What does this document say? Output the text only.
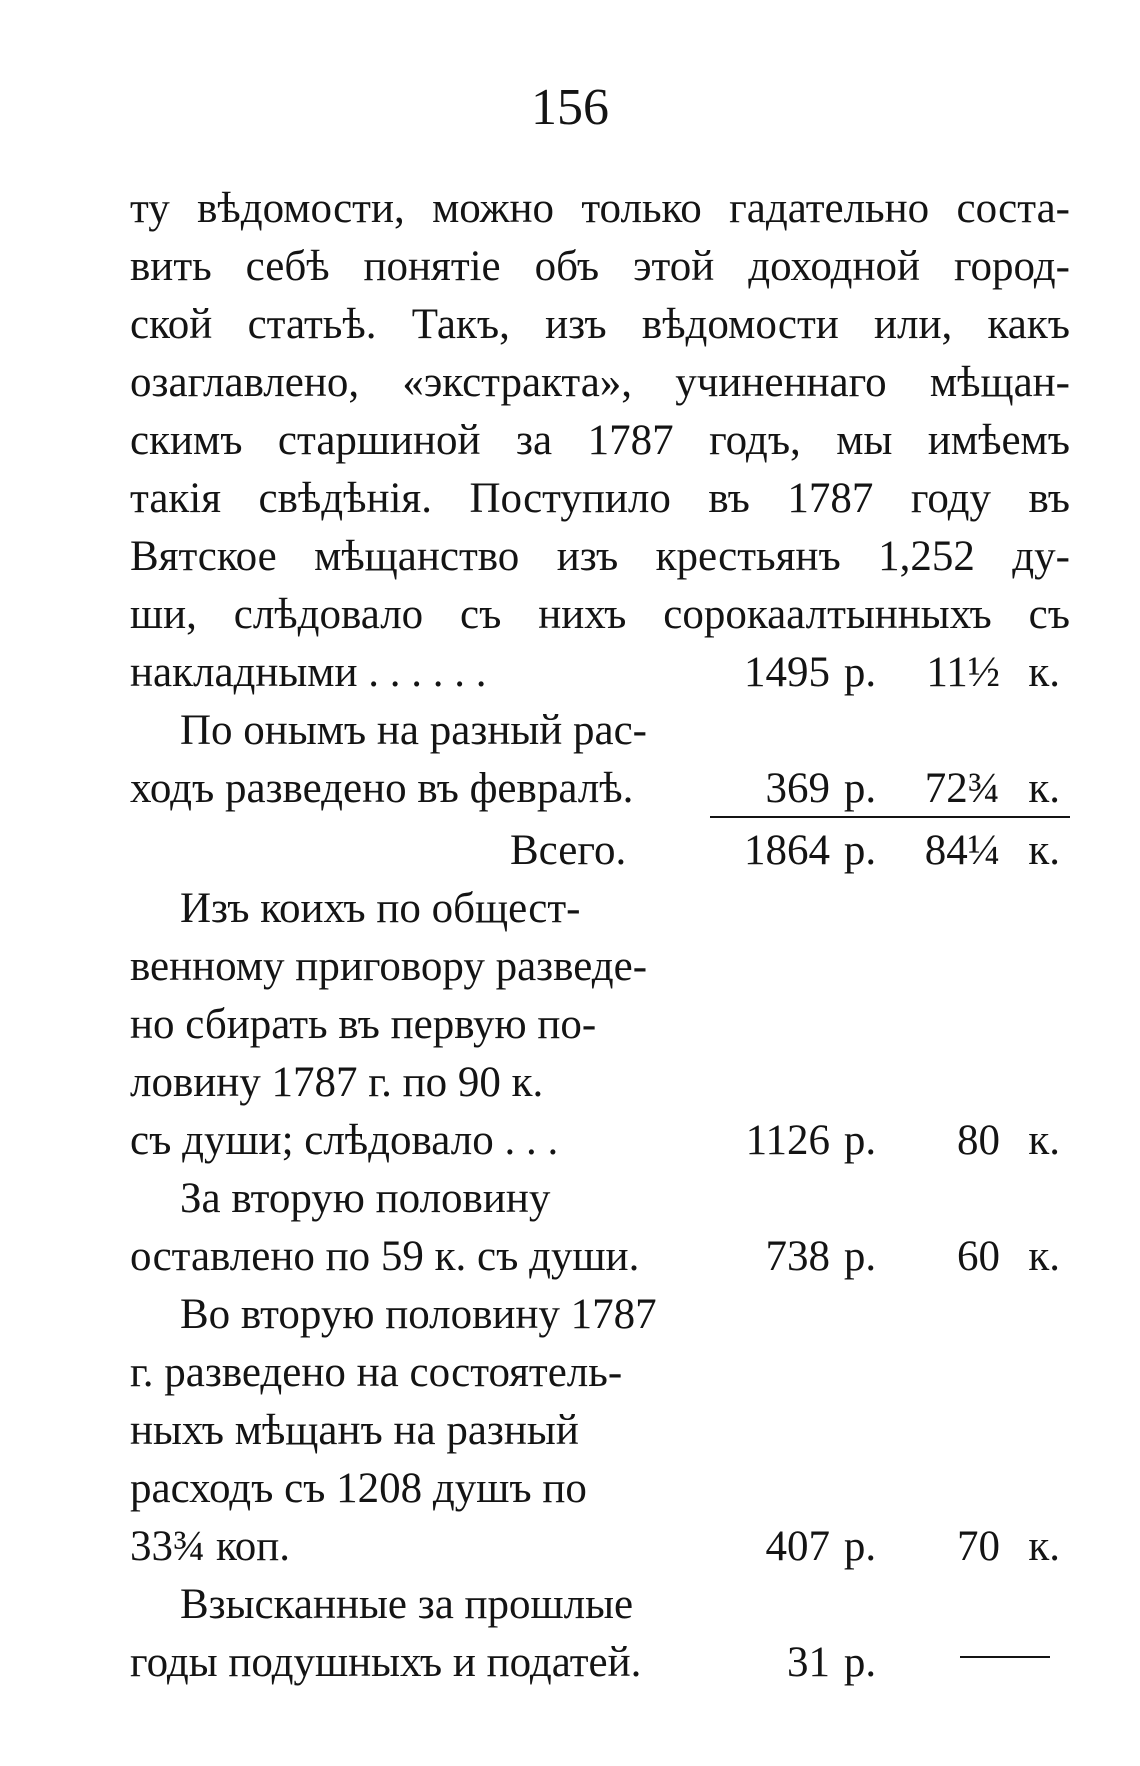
156
ту вѣдомости, можно только гадательно соста-
вить себѣ понятіе объ этой доходной город-
ской статьѣ. Такъ, изъ вѣдомости или, какъ
озаглавлено, «экстракта», учиненнаго мѣщан-
скимъ старшиной за 1787 годъ, мы имѣемъ
такія свѣдѣнія. Поступило въ 1787 году въ
Вятское мѣщанство изъ крестьянъ 1,252 ду-
ши, слѣдовало съ нихъ сорокаалтынныхъ съ
накладными . . . . . .	1495 р. 11½ к.
По онымъ на разный рас-
ходъ разведено въ февралѣ.	369 р. 72¾ к.
Всего.	1864 р. 84¼ к.
Изъ коихъ по общест-
венному приговору разведе-
но сбирать въ первую по-
ловину 1787 г. по 90 к.
съ души; слѣдовало . . .	1126 р. 80 к.
За вторую половину
оставлено по 59 к. съ души.	738 р. 60 к.
Во вторую половину 1787
г. разведено на состоятель-
ныхъ мѣщанъ на разный
расходъ съ 1208 душъ по
33¾ коп.	407 р. 70 к.
Взысканные за прошлые
годы подушныхъ и податей.	31 р.
